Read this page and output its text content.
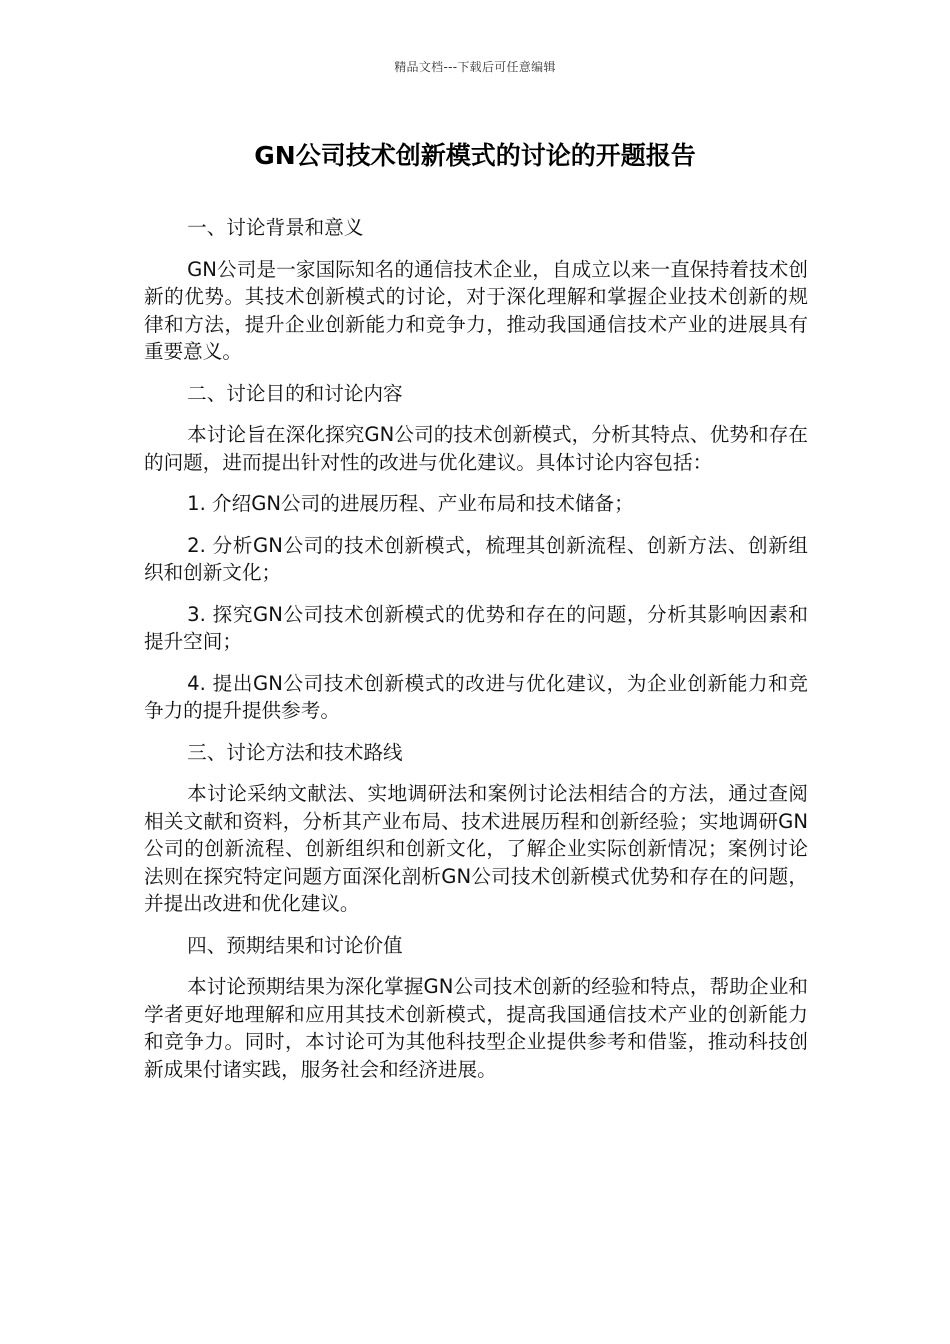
精品文档---下载后可任意编辑
GN公司技术创新模式的讨论的开题报告

一、讨论背景和意义

GN公司是一家国际知名的通信技术企业，自成立以来一直保持着技术创新的优势。其技术创新模式的讨论，对于深化理解和掌握企业技术创新的规律和方法，提升企业创新能力和竞争力，推动我国通信技术产业的进展具有重要意义。

二、讨论目的和讨论内容

本讨论旨在深化探究GN公司的技术创新模式，分析其特点、优势和存在的问题，进而提出针对性的改进与优化建议。具体讨论内容包括：

1. 介绍GN公司的进展历程、产业布局和技术储备；

2. 分析GN公司的技术创新模式，梳理其创新流程、创新方法、创新组织和创新文化；

3. 探究GN公司技术创新模式的优势和存在的问题，分析其影响因素和提升空间；

4. 提出GN公司技术创新模式的改进与优化建议，为企业创新能力和竞争力的提升提供参考。

三、讨论方法和技术路线

本讨论采纳文献法、实地调研法和案例讨论法相结合的方法，通过查阅相关文献和资料，分析其产业布局、技术进展历程和创新经验；实地调研GN公司的创新流程、创新组织和创新文化，了解企业实际创新情况；案例讨论法则在探究特定问题方面深化剖析GN公司技术创新模式优势和存在的问题，并提出改进和优化建议。

四、预期结果和讨论价值

本讨论预期结果为深化掌握GN公司技术创新的经验和特点，帮助企业和学者更好地理解和应用其技术创新模式，提高我国通信技术产业的创新能力和竞争力。同时，本讨论可为其他科技型企业提供参考和借鉴，推动科技创新成果付诸实践，服务社会和经济进展。
